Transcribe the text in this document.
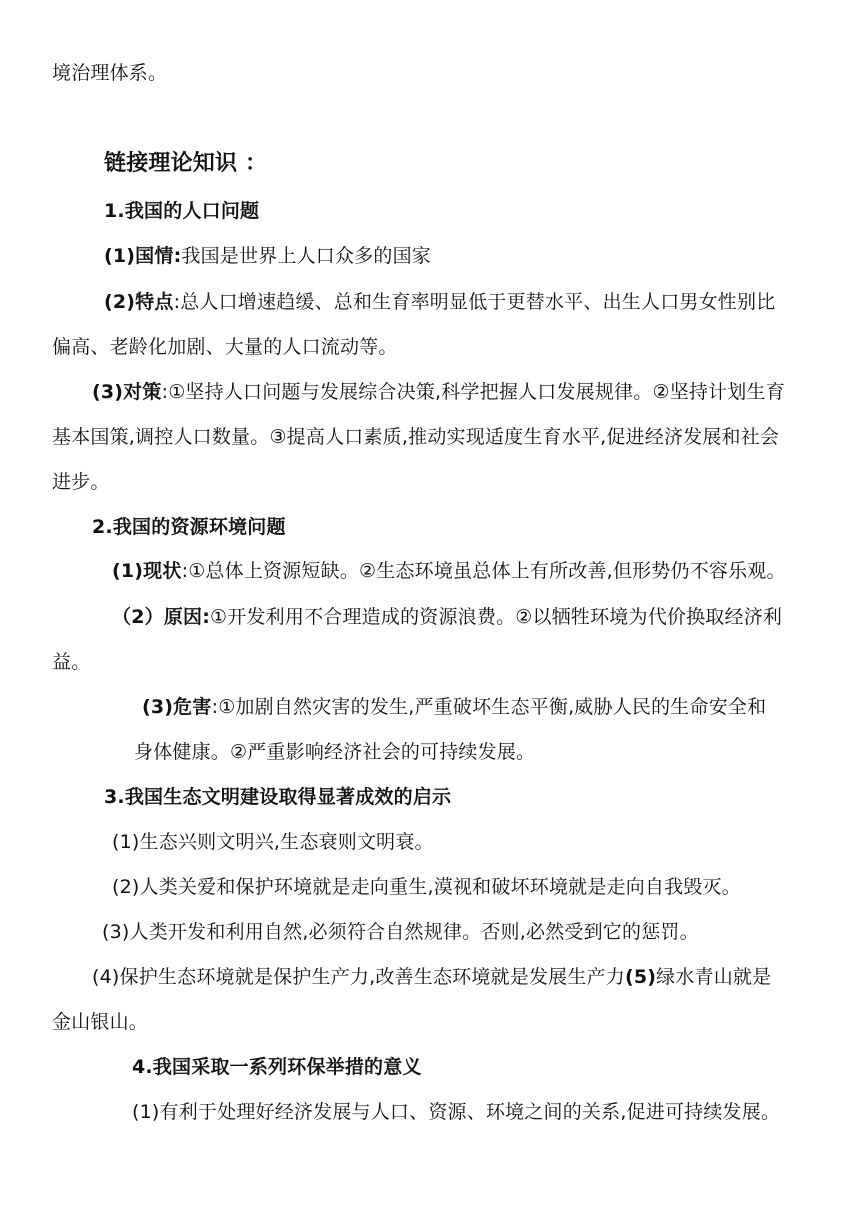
境治理体系。
链接理论知识 ：
1.我国的人口问题
(1)国情:我国是世界上人口众多的国家
(2)特点:总人口增速趋缓、总和生育率明显低于更替水平、出生人口男女性别比
偏高、老龄化加剧、大量的人口流动等。
(3)对策:①坚持人口问题与发展综合决策,科学把握人口发展规律。②坚持计划生育
基本国策,调控人口数量。③提高人口素质,推动实现适度生育水平,促进经济发展和社会
进步。
2.我国的资源环境问题
(1)现状:①总体上资源短缺。②生态环境虽总体上有所改善,但形势仍不容乐观。
（2）原因:①开发利用不合理造成的资源浪费。②以牺牲环境为代价换取经济利
益。
(3)危害:①加剧自然灾害的发生,严重破坏生态平衡,威胁人民的生命安全和
身体健康。②严重影响经济社会的可持续发展。
3.我国生态文明建设取得显著成效的启示
(1)生态兴则文明兴,生态衰则文明衰。
(2)人类关爱和保护环境就是走向重生,漠视和破坏环境就是走向自我毁灭。
(3)人类开发和利用自然,必须符合自然规律。否则,必然受到它的惩罚。
(4)保护生态环境就是保护生产力,改善生态环境就是发展生产力(5)绿水青山就是
金山银山。
4.我国采取一系列环保举措的意义
(1)有利于处理好经济发展与人口、资源、环境之间的关系,促进可持续发展。
